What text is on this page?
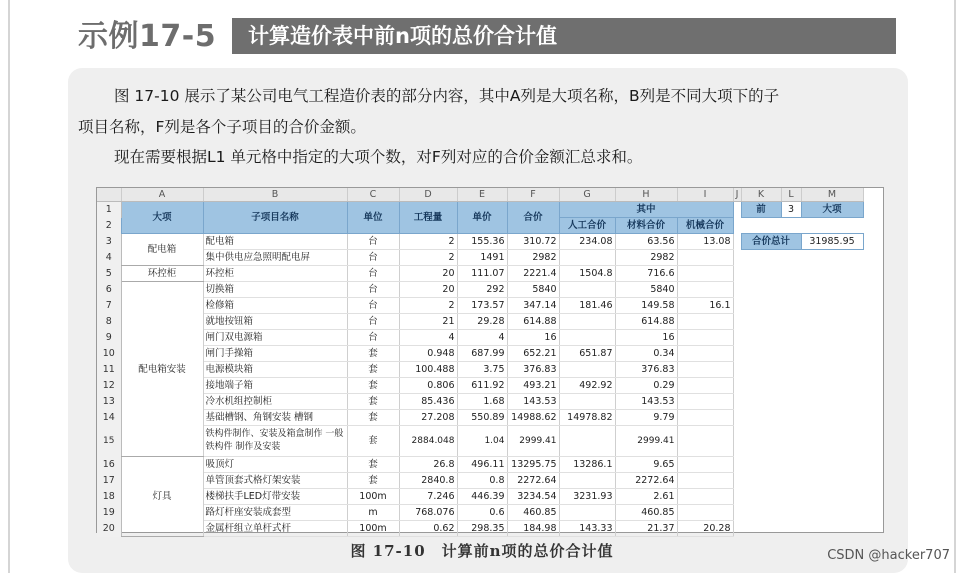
示例17-5 计算造价表中前n项的总价合计值
图 17-10 展示了某公司电气工程造价表的部分内容，其中A列是大项名称，B列是不同大项下的子
项目名称，F列是各个子项目的合价金额。
现在需要根据L1 单元格中指定的大项个数，对F列对应的合价金额汇总求和。
	A	B	C	D	E	F	G	H	I	J	K	L	M
1	大项	子项目名称	单位	工程量	单价	合价	其中				前	3	大项
2							人工合价	材料合价	机械合价				
3	配电箱	配电箱	台	2	155.36	310.72	234.08	63.56	13.08		合价总计		31985.95
4		集中供电应急照明配电屏	台	2	1491	2982		2982					
5	环控柜	环控柜	台	20	111.07	2221.4	1504.8	716.6					
6	配电箱安装	切换箱	台	20	292	5840		5840					
7		检修箱	台	2	173.57	347.14	181.46	149.58	16.1				
8		就地按钮箱	台	21	29.28	614.88		614.88					
9		闸门双电源箱	台	4	4	16		16					
10		闸门手操箱	套	0.948	687.99	652.21	651.87	0.34					
11		电源模块箱	套	100.488	3.75	376.83		376.83					
12		接地端子箱	套	0.806	611.92	493.21	492.92	0.29					
13		冷水机组控制柜	套	85.436	1.68	143.53		143.53					
14		基础槽钢、角钢安装 槽钢	套	27.208	550.89	14988.62	14978.82	9.79					
15		铁构件制作、安装及箱盒制作 一般铁构件 制作及安装	套	2884.048	1.04	2999.41		2999.41					
16	灯具	吸顶灯	套	26.8	496.11	13295.75	13286.1	9.65					
17		单管顶套式格灯架安装	套	2840.8	0.8	2272.64		2272.64					
18		楼梯扶手LED灯带安装	100m	7.246	446.39	3234.54	3231.93	2.61					
19		路灯杆座安装成套型	m	768.076	0.6	460.85		460.85					
20		金属杆组立单杆式杆	100m	0.62	298.35	184.98	143.33	21.37	20.28				
图 17-10　计算前n项的总价合计值	CSDN @hacker707
